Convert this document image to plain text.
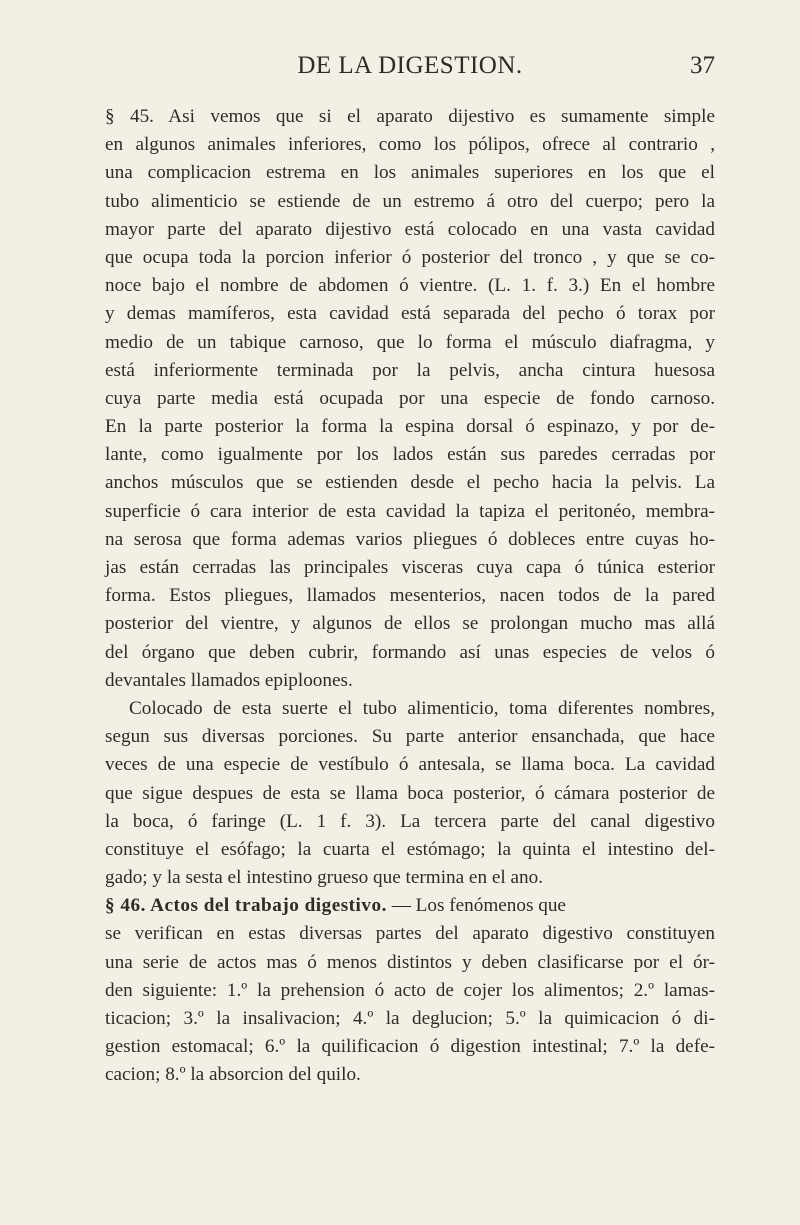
DE LA DIGESTION.	37
§ 45. Asi vemos que si el aparato dijestivo es sumamente simple
en algunos animales inferiores, como los pólipos, ofrece al contrario ,
una complicacion estrema en los animales superiores en los que el
tubo alimenticio se estiende de un estremo á otro del cuerpo; pero la
mayor parte del aparato dijestivo está colocado en una vasta cavidad
que ocupa toda la porcion inferior ó posterior del tronco , y que se co-
noce bajo el nombre de abdomen ó vientre. (L. 1. f. 3.) En el hombre
y demas mamíferos, esta cavidad está separada del pecho ó torax por
medio de un tabique carnoso, que lo forma el músculo diafragma, y
está inferiormente terminada por la pelvis, ancha cintura huesosa
cuya parte media está ocupada por una especie de fondo carnoso.
En la parte posterior la forma la espina dorsal ó espinazo, y por de-
lante, como igualmente por los lados están sus paredes cerradas por
anchos músculos que se estienden desde el pecho hacia la pelvis. La
superficie ó cara interior de esta cavidad la tapiza el peritonéo, membra-
na serosa que forma ademas varios pliegues ó dobleces entre cuyas ho-
jas están cerradas las principales visceras cuya capa ó túnica esterior
forma. Estos pliegues, llamados mesenterios, nacen todos de la pared
posterior del vientre, y algunos de ellos se prolongan mucho mas allá
del órgano que deben cubrir, formando así unas especies de velos ó
devantales llamados epiploones.
Colocado de esta suerte el tubo alimenticio, toma diferentes nombres,
segun sus diversas porciones. Su parte anterior ensanchada, que hace
veces de una especie de vestíbulo ó antesala, se llama boca. La cavidad
que sigue despues de esta se llama boca posterior, ó cámara posterior de
la boca, ó faringe (L. 1 f. 3). La tercera parte del canal digestivo
constituye el esófago; la cuarta el estómago; la quinta el intestino del-
gado; y la sesta el intestino grueso que termina en el ano.
§ 46. Actos del trabajo digestivo. — Los fenómenos que
se verifican en estas diversas partes del aparato digestivo constituyen
una serie de actos mas ó menos distintos y deben clasificarse por el ór-
den siguiente: 1.º la prehension ó acto de cojer los alimentos; 2.º lamas-
ticacion; 3.º la insalivacion; 4.º la deglucion; 5.º la quimicacion ó di-
gestion estomacal; 6.º la quilificacion ó digestion intestinal; 7.º la defe-
cacion; 8.º la absorcion del quilo.
